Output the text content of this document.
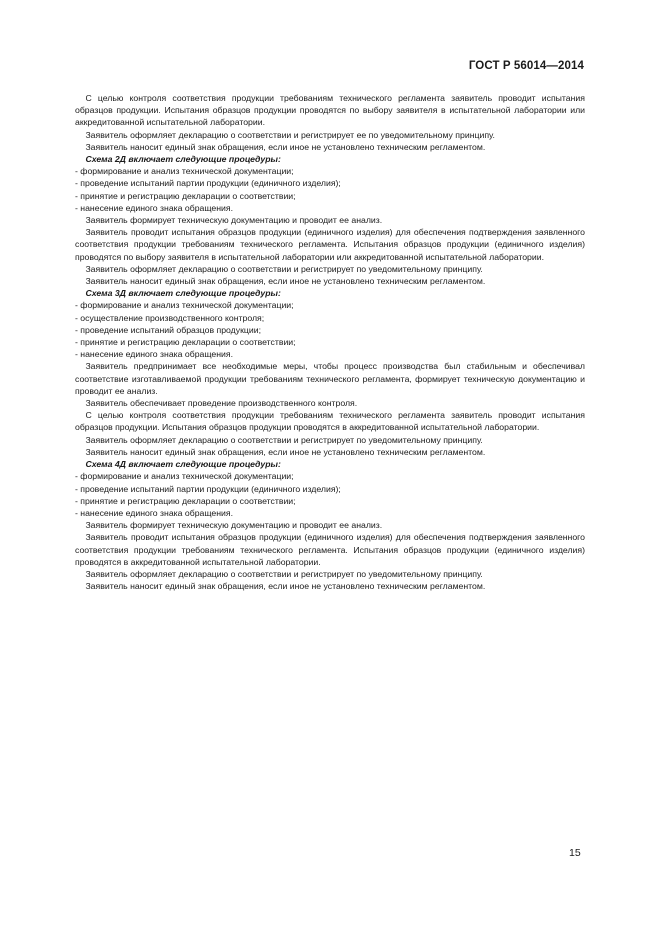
ГОСТ Р 56014—2014

С целью контроля соответствия продукции требованиям технического регламента заявитель проводит испытания образцов продукции. Испытания образцов продукции проводятся по выбору заявителя в испытательной лаборатории или аккредитованной испытательной лаборатории.

Заявитель оформляет декларацию о соответствии и регистрирует ее по уведомительному принципу.

Заявитель наносит единый знак обращения, если иное не установлено техническим регламентом.

Схема 2Д включает следующие процедуры:

- формирование и анализ технической документации;

- проведение испытаний партии продукции (единичного изделия);

- принятие и регистрацию декларации о соответствии;

- нанесение единого знака обращения.

Заявитель формирует техническую документацию и проводит ее анализ.

Заявитель проводит испытания образцов продукции (единичного изделия) для обеспечения подтверждения заявленного соответствия продукции требованиям технического регламента. Испытания образцов продукции (единичного изделия) проводятся по выбору заявителя в испытательной лаборатории или аккредитованной испытательной лаборатории.

Заявитель оформляет декларацию о соответствии и регистрирует по уведомительному принципу.

Заявитель наносит единый знак обращения, если иное не установлено техническим регламентом.

Схема 3Д включает следующие процедуры:

- формирование и анализ технической документации;

- осуществление производственного контроля;

- проведение испытаний образцов продукции;

- принятие и регистрацию декларации о соответствии;

- нанесение единого знака обращения.

Заявитель предпринимает все необходимые меры, чтобы процесс производства был стабильным и обеспечивал соответствие изготавливаемой продукции требованиям технического регламента, формирует техническую документацию и проводит ее анализ.

Заявитель обеспечивает проведение производственного контроля.

С целью контроля соответствия продукции требованиям технического регламента заявитель проводит испытания образцов продукции. Испытания образцов продукции проводятся в аккредитованной испытательной лаборатории.

Заявитель оформляет декларацию о соответствии и регистрирует по уведомительному принципу.

Заявитель наносит единый знак обращения, если иное не установлено техническим регламентом.

Схема 4Д включает следующие процедуры:

- формирование и анализ технической документации;

- проведение испытаний партии продукции (единичного изделия);

- принятие и регистрацию декларации о соответствии;

- нанесение единого знака обращения.

Заявитель формирует техническую документацию и проводит ее анализ.

Заявитель проводит испытания образцов продукции (единичного изделия) для обеспечения подтверждения заявленного соответствия продукции требованиям технического регламента. Испытания образцов продукции (единичного изделия) проводятся в аккредитованной испытательной лаборатории.

Заявитель оформляет декларацию о соответствии и регистрирует по уведомительному принципу.

Заявитель наносит единый знак обращения, если иное не установлено техническим регламентом.

15
